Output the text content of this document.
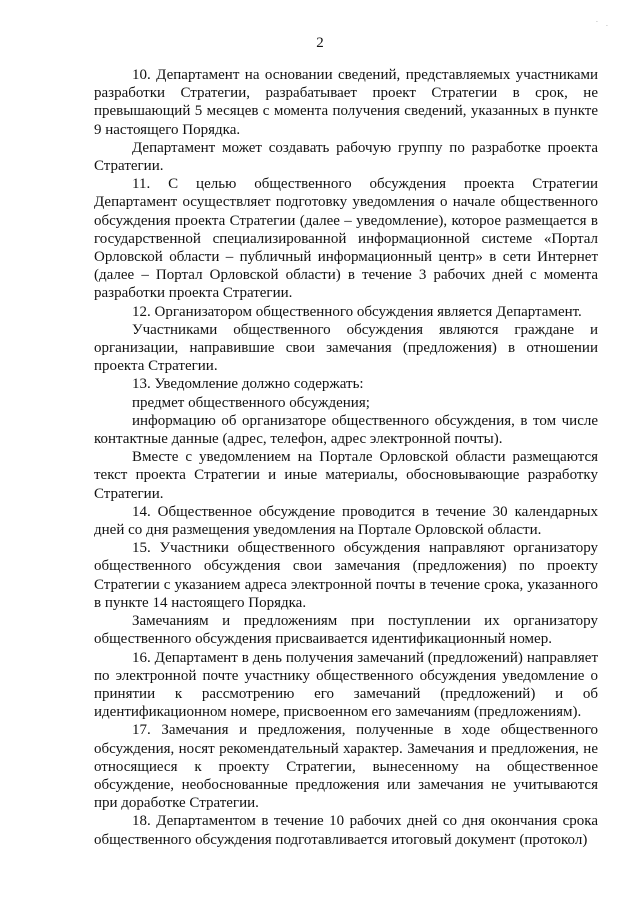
·
·
2

10. Департамент на основании сведений, представляемых участниками разработки Стратегии, разрабатывает проект Стратегии в срок, не превышающий 5 месяцев с момента получения сведений, указанных в пункте 9 настоящего Порядка.

Департамент может создавать рабочую группу по разработке проекта Стратегии.

11. С целью общественного обсуждения проекта Стратегии Департамент осуществляет подготовку уведомления о начале общественного обсуждения проекта Стратегии (далее – уведомление), которое размещается в государственной специализированной информационной системе «Портал Орловской области – публичный информационный центр» в сети Интернет (далее – Портал Орловской области) в течение 3 рабочих дней с момента разработки проекта Стратегии.

12. Организатором общественного обсуждения является Департамент.

Участниками общественного обсуждения являются граждане и организации, направившие свои замечания (предложения) в отношении проекта Стратегии.

13. Уведомление должно содержать:

предмет общественного обсуждения;

информацию об организаторе общественного обсуждения, в том числе контактные данные (адрес, телефон, адрес электронной почты).

Вместе с уведомлением на Портале Орловской области размещаются текст проекта Стратегии и иные материалы, обосновывающие разработку Стратегии.

14. Общественное обсуждение проводится в течение 30 календарных дней со дня размещения уведомления на Портале Орловской области.

15. Участники общественного обсуждения направляют организатору общественного обсуждения свои замечания (предложения) по проекту Стратегии с указанием адреса электронной почты в течение срока, указанного в пункте 14 настоящего Порядка.

Замечаниям и предложениям при поступлении их организатору общественного обсуждения присваивается идентификационный номер.

16. Департамент в день получения замечаний (предложений) направляет по электронной почте участнику общественного обсуждения уведомление о принятии к рассмотрению его замечаний (предложений) и об идентификационном номере, присвоенном его замечаниям (предложениям).

17. Замечания и предложения, полученные в ходе общественного обсуждения, носят рекомендательный характер. Замечания и предложения, не относящиеся к проекту Стратегии, вынесенному на общественное обсуждение, необоснованные предложения или замечания не учитываются при доработке Стратегии.

18. Департаментом в течение 10 рабочих дней со дня окончания срока общественного обсуждения подготавливается итоговый документ (протокол)
